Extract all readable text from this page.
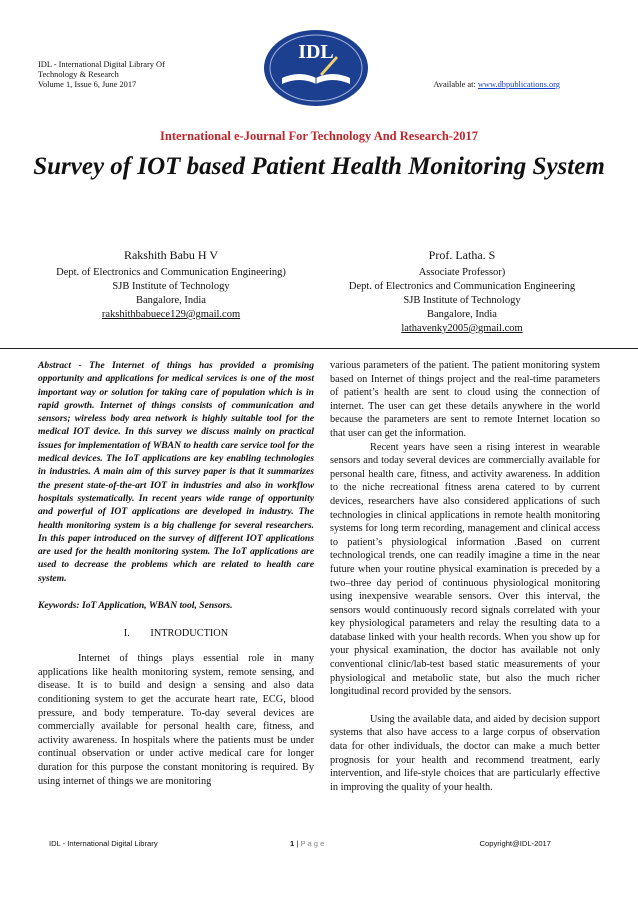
IDL - International Digital Library Of
Technology & Research
Volume 1, Issue 6, June 2017
IDL
Available at: www.dbpublications.org
International e-Journal For Technology And Research-2017
Survey of IOT based Patient Health Monitoring System
Rakshith Babu H V
Dept. of Electronics and Communication Engineering)
SJB Institute of Technology
Bangalore, India
rakshithbabuece129@gmail.com
Prof. Latha. S
Associate Professor)
Dept. of Electronics and Communication Engineering
SJB Institute of Technology
Bangalore, India
lathavenky2005@gmail.com

Abstract - The Internet of things has provided a promising opportunity and applications for medical services is one of the most important way or solution for taking care of population which is in rapid growth. Internet of things consists of communication and sensors; wireless body area network is highly suitable tool for the medical IOT device. In this survey we discuss mainly on practical issues for implementation of WBAN to health care service tool for the medical devices. The IoT applications are key enabling technologies in industries. A main aim of this survey paper is that it summarizes the present state-of-the-art IOT in industries and also in workflow hospitals systematically. In recent years wide range of opportunity and powerful of IOT applications are developed in industry. The health monitoring system is a big challenge for several researchers. In this paper introduced on the survey of different IOT applications are used for the health monitoring system. The IoT applications are used to decrease the problems which are related to health care system.

Keywords: IoT Application, WBAN tool, Sensors.

I.        INTRODUCTION

Internet of things plays essential role in many applications like health monitoring system, remote sensing, and disease. It is to build and design a sensing and also data conditioning system to get the accurate heart rate, ECG, blood pressure, and body temperature. To-day several devices are commercially available for personal health care, fitness, and activity awareness. In hospitals where the patients must be under continual observation or under active medical care for longer duration for this purpose the constant monitoring is required. By using internet of things we are monitoring

various parameters of the patient. The patient monitoring system based on Internet of things project and the real-time parameters of patient’s health are sent to cloud using the connection of internet. The user can get these details anywhere in the world because the parameters are sent to remote Internet location so that user can get the information.

Recent years have seen a rising interest in wearable sensors and today several devices are commercially available for personal health care, fitness, and activity awareness. In addition to the niche recreational fitness arena catered to by current devices, researchers have also considered applications of such technologies in clinical applications in remote health monitoring systems for long term recording, management and clinical access to patient’s physiological information .Based on current technological trends, one can readily imagine a time in the near future when your routine physical examination is preceded by a two–three day period of continuous physiological monitoring using inexpensive wearable sensors. Over this interval, the sensors would continuously record signals correlated with your key physiological parameters and relay the resulting data to a database linked with your health records. When you show up for your physical examination, the doctor has available not only conventional clinic/lab-test based static measurements of your physiological and metabolic state, but also the much richer longitudinal record provided by the sensors.

Using the available data, and aided by decision support systems that also have access to a large corpus of observation data for other individuals, the doctor can make a much better prognosis for your health and recommend treatment, early intervention, and life-style choices that are particularly effective in improving the quality of your health.

IDL - International Digital Library	1 | P a g e	Copyright@IDL-2017
